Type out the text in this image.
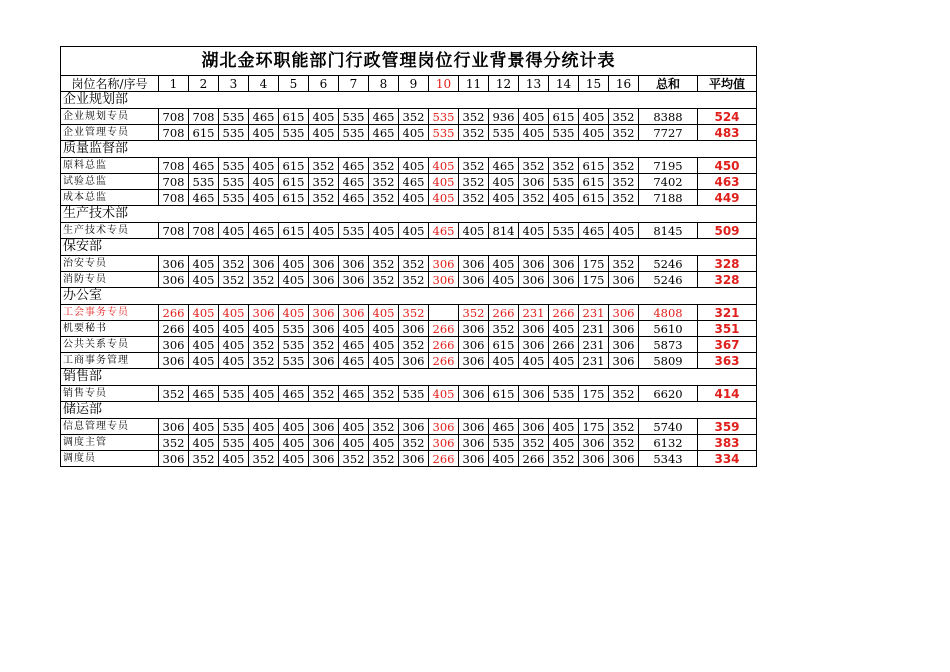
湖北金环职能部门行政管理岗位行业背景得分统计表																		
岗位名称/序号	1	2	3	4	5	6	7	8	9	10	11	12	13	14	15	16	总和	平均值
企业规划部																		
企业规划专员	708	708	535	465	615	405	535	465	352	535	352	936	405	615	405	352	8388	524
企业管理专员	708	615	535	405	535	405	535	465	405	535	352	535	405	535	405	352	7727	483
质量监督部																		
原料总监	708	465	535	405	615	352	465	352	405	405	352	465	352	352	615	352	7195	450
试验总监	708	535	535	405	615	352	465	352	465	405	352	405	306	535	615	352	7402	463
成本总监	708	465	535	405	615	352	465	352	405	405	352	405	352	405	615	352	7188	449
生产技术部																		
生产技术专员	708	708	405	465	615	405	535	405	405	465	405	814	405	535	465	405	8145	509
保安部																		
治安专员	306	405	352	306	405	306	306	352	352	306	306	405	306	306	175	352	5246	328
消防专员	306	405	352	352	405	306	306	352	352	306	306	405	306	306	175	306	5246	328
办公室																		
工会事务专员	266	405	405	306	405	306	306	405	352		352	266	231	266	231	306	4808	321
机要秘书	266	405	405	405	535	306	405	405	306	266	306	352	306	405	231	306	5610	351
公共关系专员	306	405	405	352	535	352	465	405	352	266	306	615	306	266	231	306	5873	367
工商事务管理	306	405	405	352	535	306	465	405	306	266	306	405	405	405	231	306	5809	363
销售部																		
销售专员	352	465	535	405	465	352	465	352	535	405	306	615	306	535	175	352	6620	414
储运部																		
信息管理专员	306	405	535	405	405	306	405	352	306	306	306	465	306	405	175	352	5740	359
调度主管	352	405	535	405	405	306	405	405	352	306	306	535	352	405	306	352	6132	383
调度员	306	352	405	352	405	306	352	352	306	266	306	405	266	352	306	306	5343	334
